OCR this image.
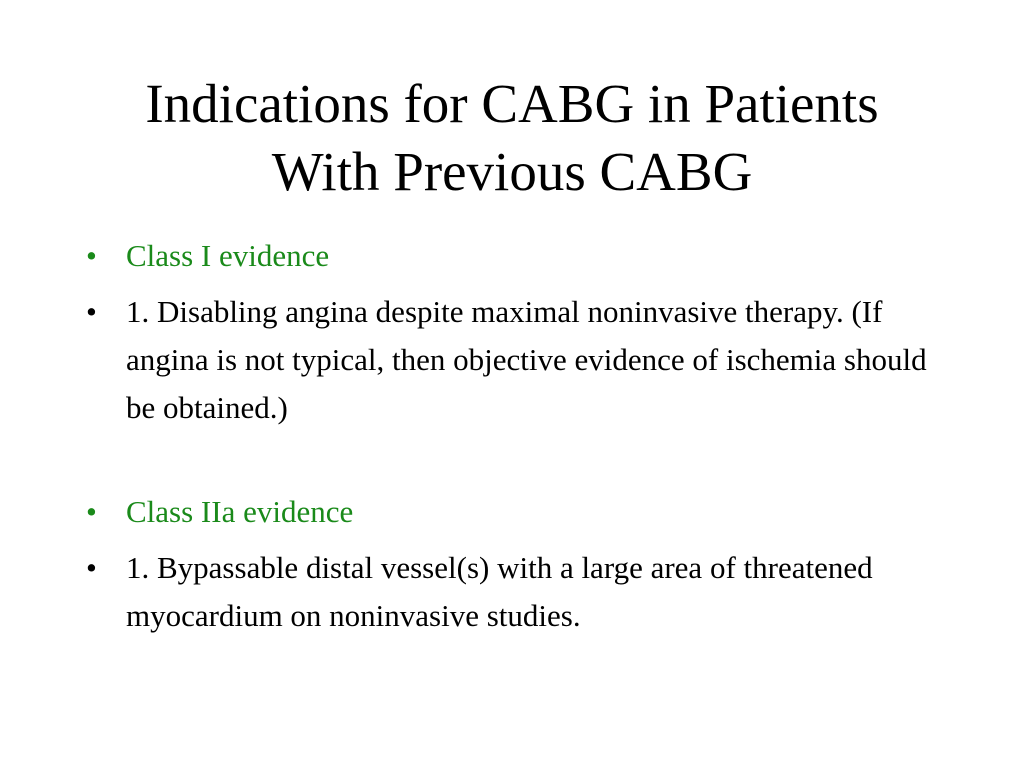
Indications for CABG in Patients
With Previous CABG
• Class I evidence
• 1. Disabling angina despite maximal noninvasive therapy. (If angina is not typical, then objective evidence of ischemia should be obtained.)
• Class IIa evidence
• 1. Bypassable distal vessel(s) with a large area of threatened myocardium on noninvasive studies.
